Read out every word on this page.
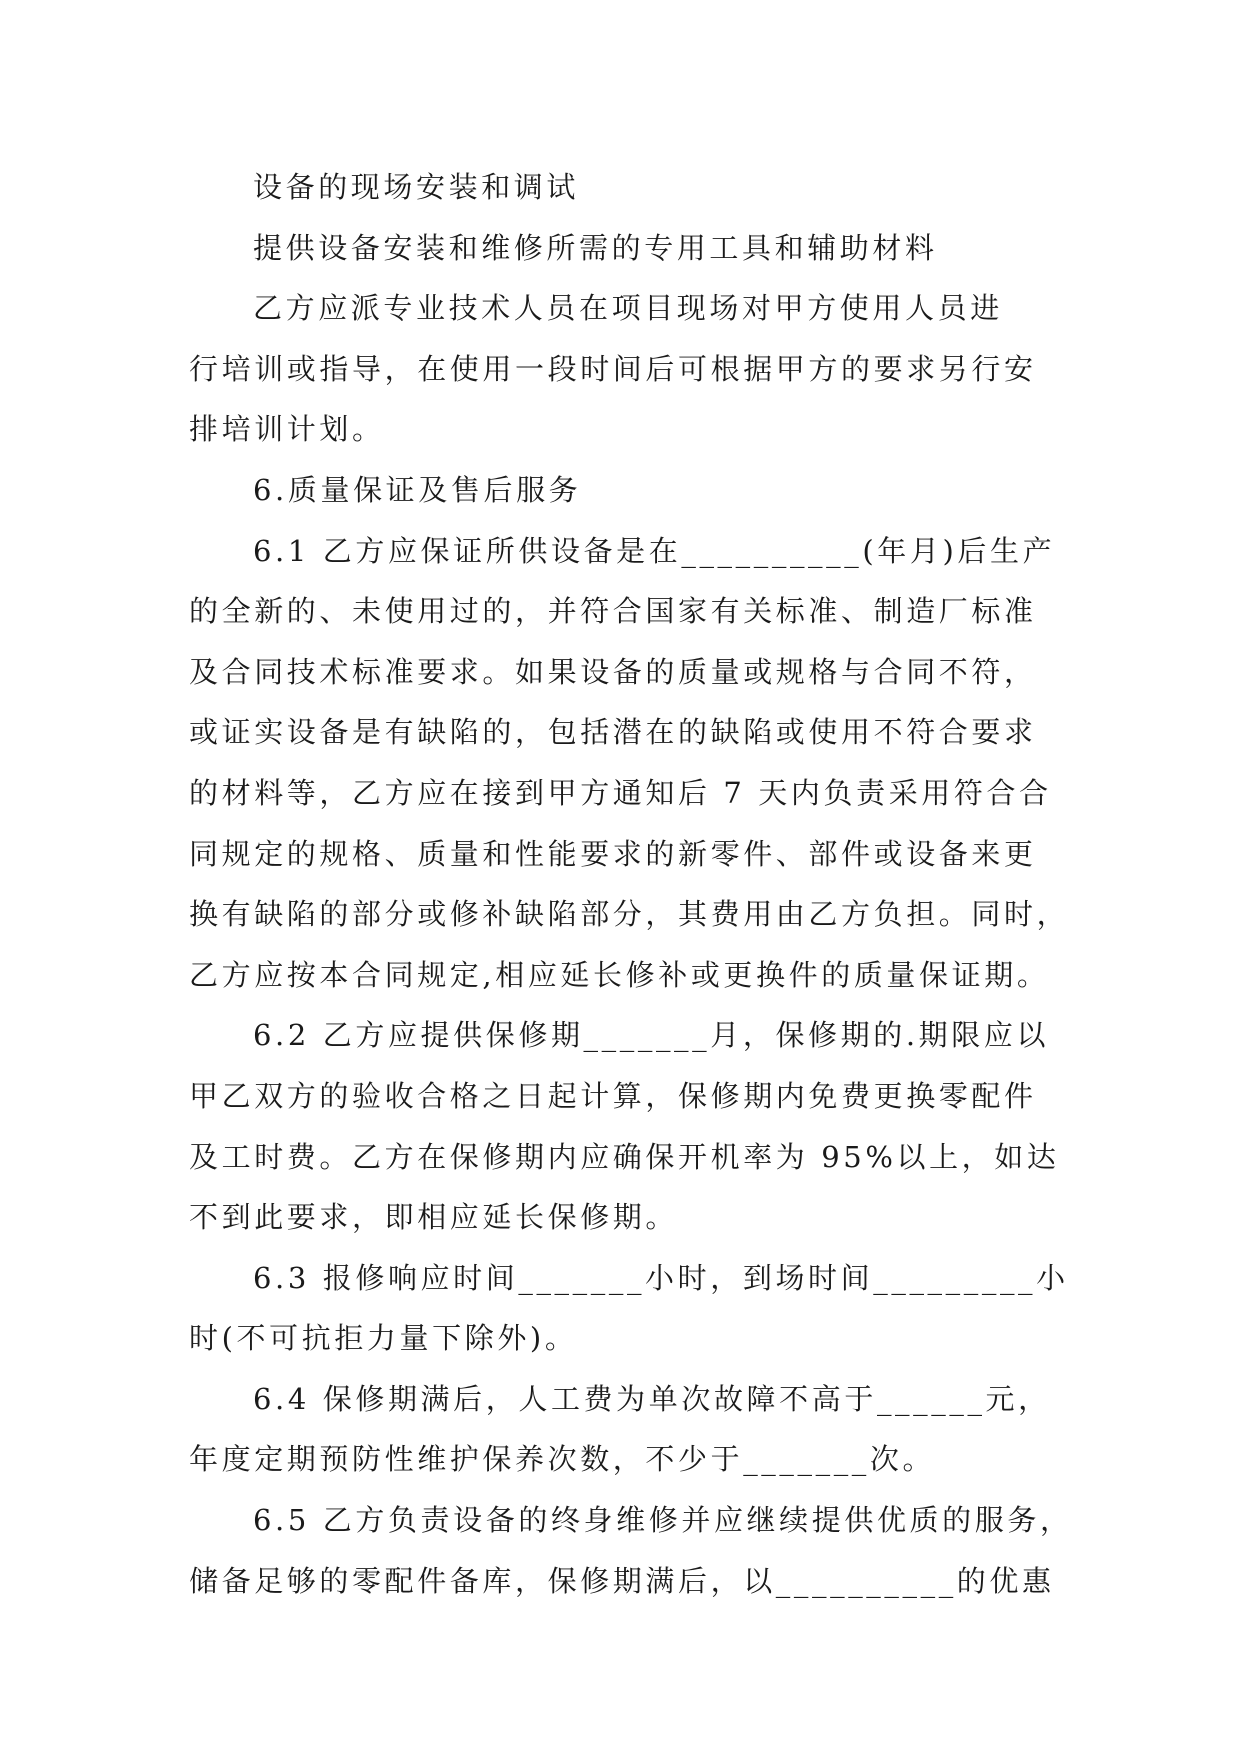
设备的现场安装和调试
提供设备安装和维修所需的专用工具和辅助材料
乙方应派专业技术人员在项目现场对甲方使用人员进
行培训或指导，在使用一段时间后可根据甲方的要求另行安
排培训计划。
6.质量保证及售后服务
6.1 乙方应保证所供设备是在__________(年月)后生产
的全新的、未使用过的，并符合国家有关标准、制造厂标准
及合同技术标准要求。如果设备的质量或规格与合同不符，
或证实设备是有缺陷的，包括潜在的缺陷或使用不符合要求
的材料等，乙方应在接到甲方通知后 7 天内负责采用符合合
同规定的规格、质量和性能要求的新零件、部件或设备来更
换有缺陷的部分或修补缺陷部分，其费用由乙方负担。同时，
乙方应按本合同规定,相应延长修补或更换件的质量保证期。
6.2 乙方应提供保修期_______月，保修期的.期限应以
甲乙双方的验收合格之日起计算，保修期内免费更换零配件
及工时费。乙方在保修期内应确保开机率为 95%以上，如达
不到此要求，即相应延长保修期。
6.3 报修响应时间_______小时，到场时间_________小
时(不可抗拒力量下除外)。
6.4 保修期满后，人工费为单次故障不高于______元，
年度定期预防性维护保养次数，不少于_______次。
6.5 乙方负责设备的终身维修并应继续提供优质的服务，
储备足够的零配件备库，保修期满后，以__________的优惠
